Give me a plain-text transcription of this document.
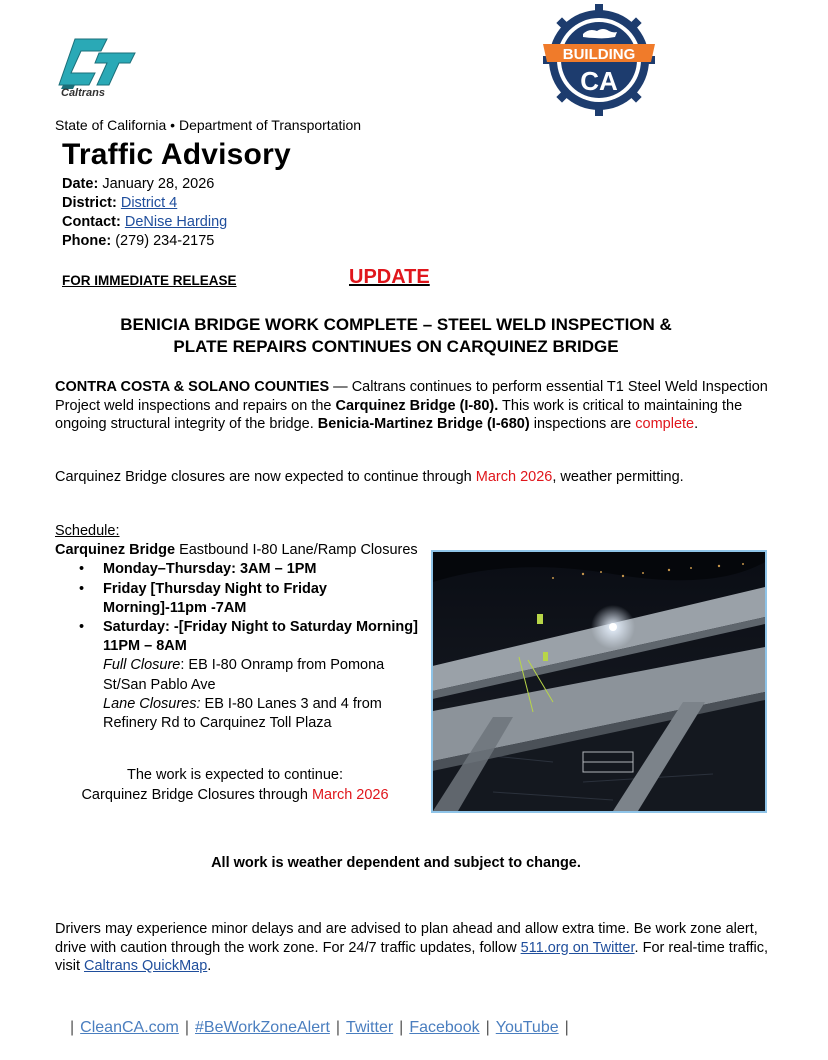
Caltrans
BUILDING
CA
State of California • Department of Transportation
Traffic Advisory
Date: January 28, 2026
District: District 4
Contact: DeNise Harding
Phone: (279) 234-2175
FOR IMMEDIATE RELEASE	UPDATE
BENICIA BRIDGE WORK COMPLETE – STEEL WELD INSPECTION &
PLATE REPAIRS CONTINUES ON CARQUINEZ BRIDGE
CONTRA COSTA & SOLANO COUNTIES — Caltrans continues to perform essential T1 Steel Weld Inspection Project weld inspections and repairs on the Carquinez Bridge (I-80). This work is critical to maintaining the ongoing structural integrity of the bridge. Benicia-Martinez Bridge (I-680) inspections are complete.
Carquinez Bridge closures are now expected to continue through March 2026, weather permitting.
Schedule:
Carquinez Bridge Eastbound I-80 Lane/Ramp Closures
• Monday–Thursday: 3AM – 1PM
• Friday [Thursday Night to Friday Morning]-11pm -7AM
• Saturday: -[Friday Night to Saturday Morning] 11PM – 8AM
Full Closure: EB I-80 Onramp from Pomona St/San Pablo Ave
Lane Closures: EB I-80 Lanes 3 and 4 from Refinery Rd to Carquinez Toll Plaza
The work is expected to continue:
Carquinez Bridge Closures through March 2026
All work is weather dependent and subject to change.
Drivers may experience minor delays and are advised to plan ahead and allow extra time. Be work zone alert, drive with caution through the work zone. For 24/7 traffic updates, follow 511.org on Twitter. For real-time traffic, visit Caltrans QuickMap.
| CleanCA.com | #BeWorkZoneAlert | Twitter | Facebook | YouTube |
